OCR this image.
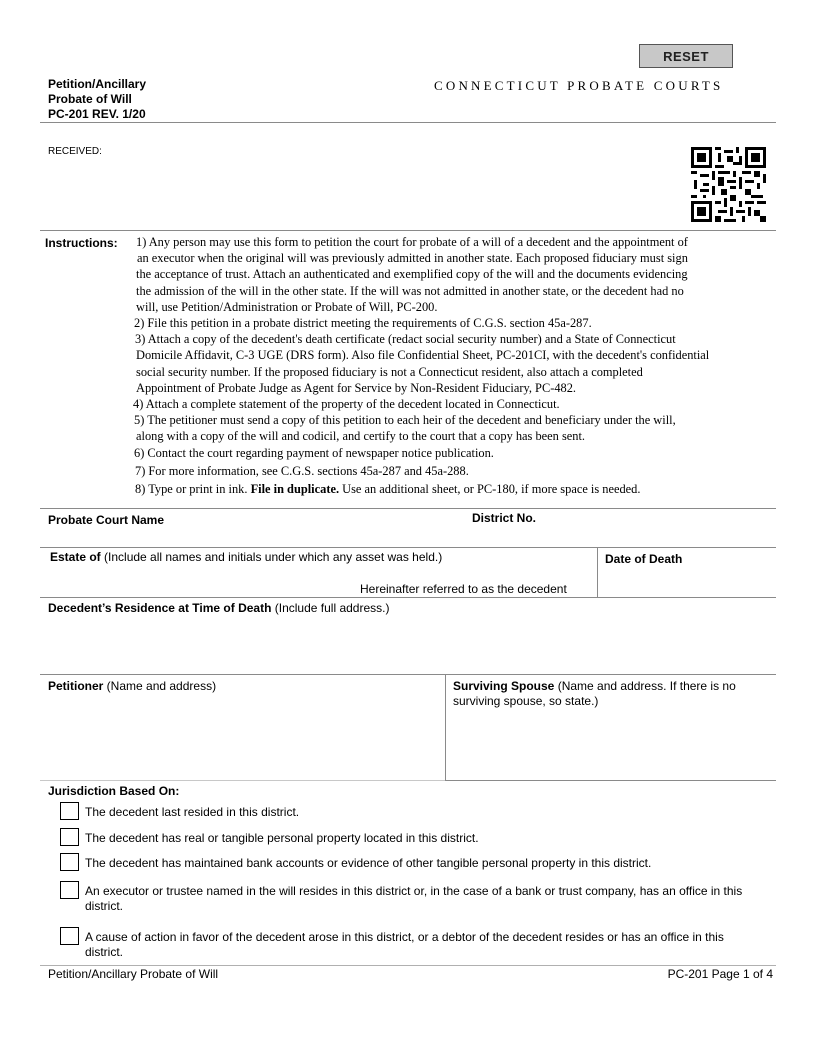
RESET
Petition/Ancillary
Probate of Will
PC-201 REV. 1/20
CONNECTICUT PROBATE COURTS
RECEIVED:
Instructions: 1) Any person may use this form to petition the court for probate of a will of a decedent and the appointment of

an executor when the original will was previously admitted in another state. Each proposed fiduciary must sign

the acceptance of trust. Attach an authenticated and exemplified copy of the will and the documents evidencing

the admission of the will in the other state. If the will was not admitted in another state, or the decedent had no

will, use Petition/Administration or Probate of Will, PC-200.

2) File this petition in a probate district meeting the requirements of C.G.S. section 45a-287.

3) Attach a copy of the decedent's death certificate (redact social security number) and a State of Connecticut

Domicile Affidavit, C-3 UGE (DRS form). Also file Confidential Sheet, PC-201CI, with the decedent's confidential

social security number. If the proposed fiduciary is not a Connecticut resident, also attach a completed

Appointment of Probate Judge as Agent for Service by Non-Resident Fiduciary, PC-482.

4) Attach a complete statement of the property of the decedent located in Connecticut.

5) The petitioner must send a copy of this petition to each heir of the decedent and beneficiary under the will,

along with a copy of the will and codicil, and certify to the court that a copy has been sent.

6) Contact the court regarding payment of newspaper notice publication.

7) For more information, see C.G.S. sections 45a-287 and 45a-288.

8) Type or print in ink. File in duplicate. Use an additional sheet, or PC-180, if more space is needed.

Probate Court Name	District No.
Estate of (Include all names and initials under which any asset was held.)
Hereinafter referred to as the decedent
Date of Death
Decedent’s Residence at Time of Death (Include full address.)
Petitioner (Name and address)	Surviving Spouse (Name and address. If there is no
surviving spouse, so state.)
Jurisdiction Based On:
The decedent last resided in this district.
The decedent has real or tangible personal property located in this district.
The decedent has maintained bank accounts or evidence of other tangible personal property in this district.
An executor or trustee named in the will resides in this district or, in the case of a bank or trust company, has an office in this district.
A cause of action in favor of the decedent arose in this district, or a debtor of the decedent resides or has an office in this district.
Petition/Ancillary Probate of Will	PC-201 Page 1 of 4
